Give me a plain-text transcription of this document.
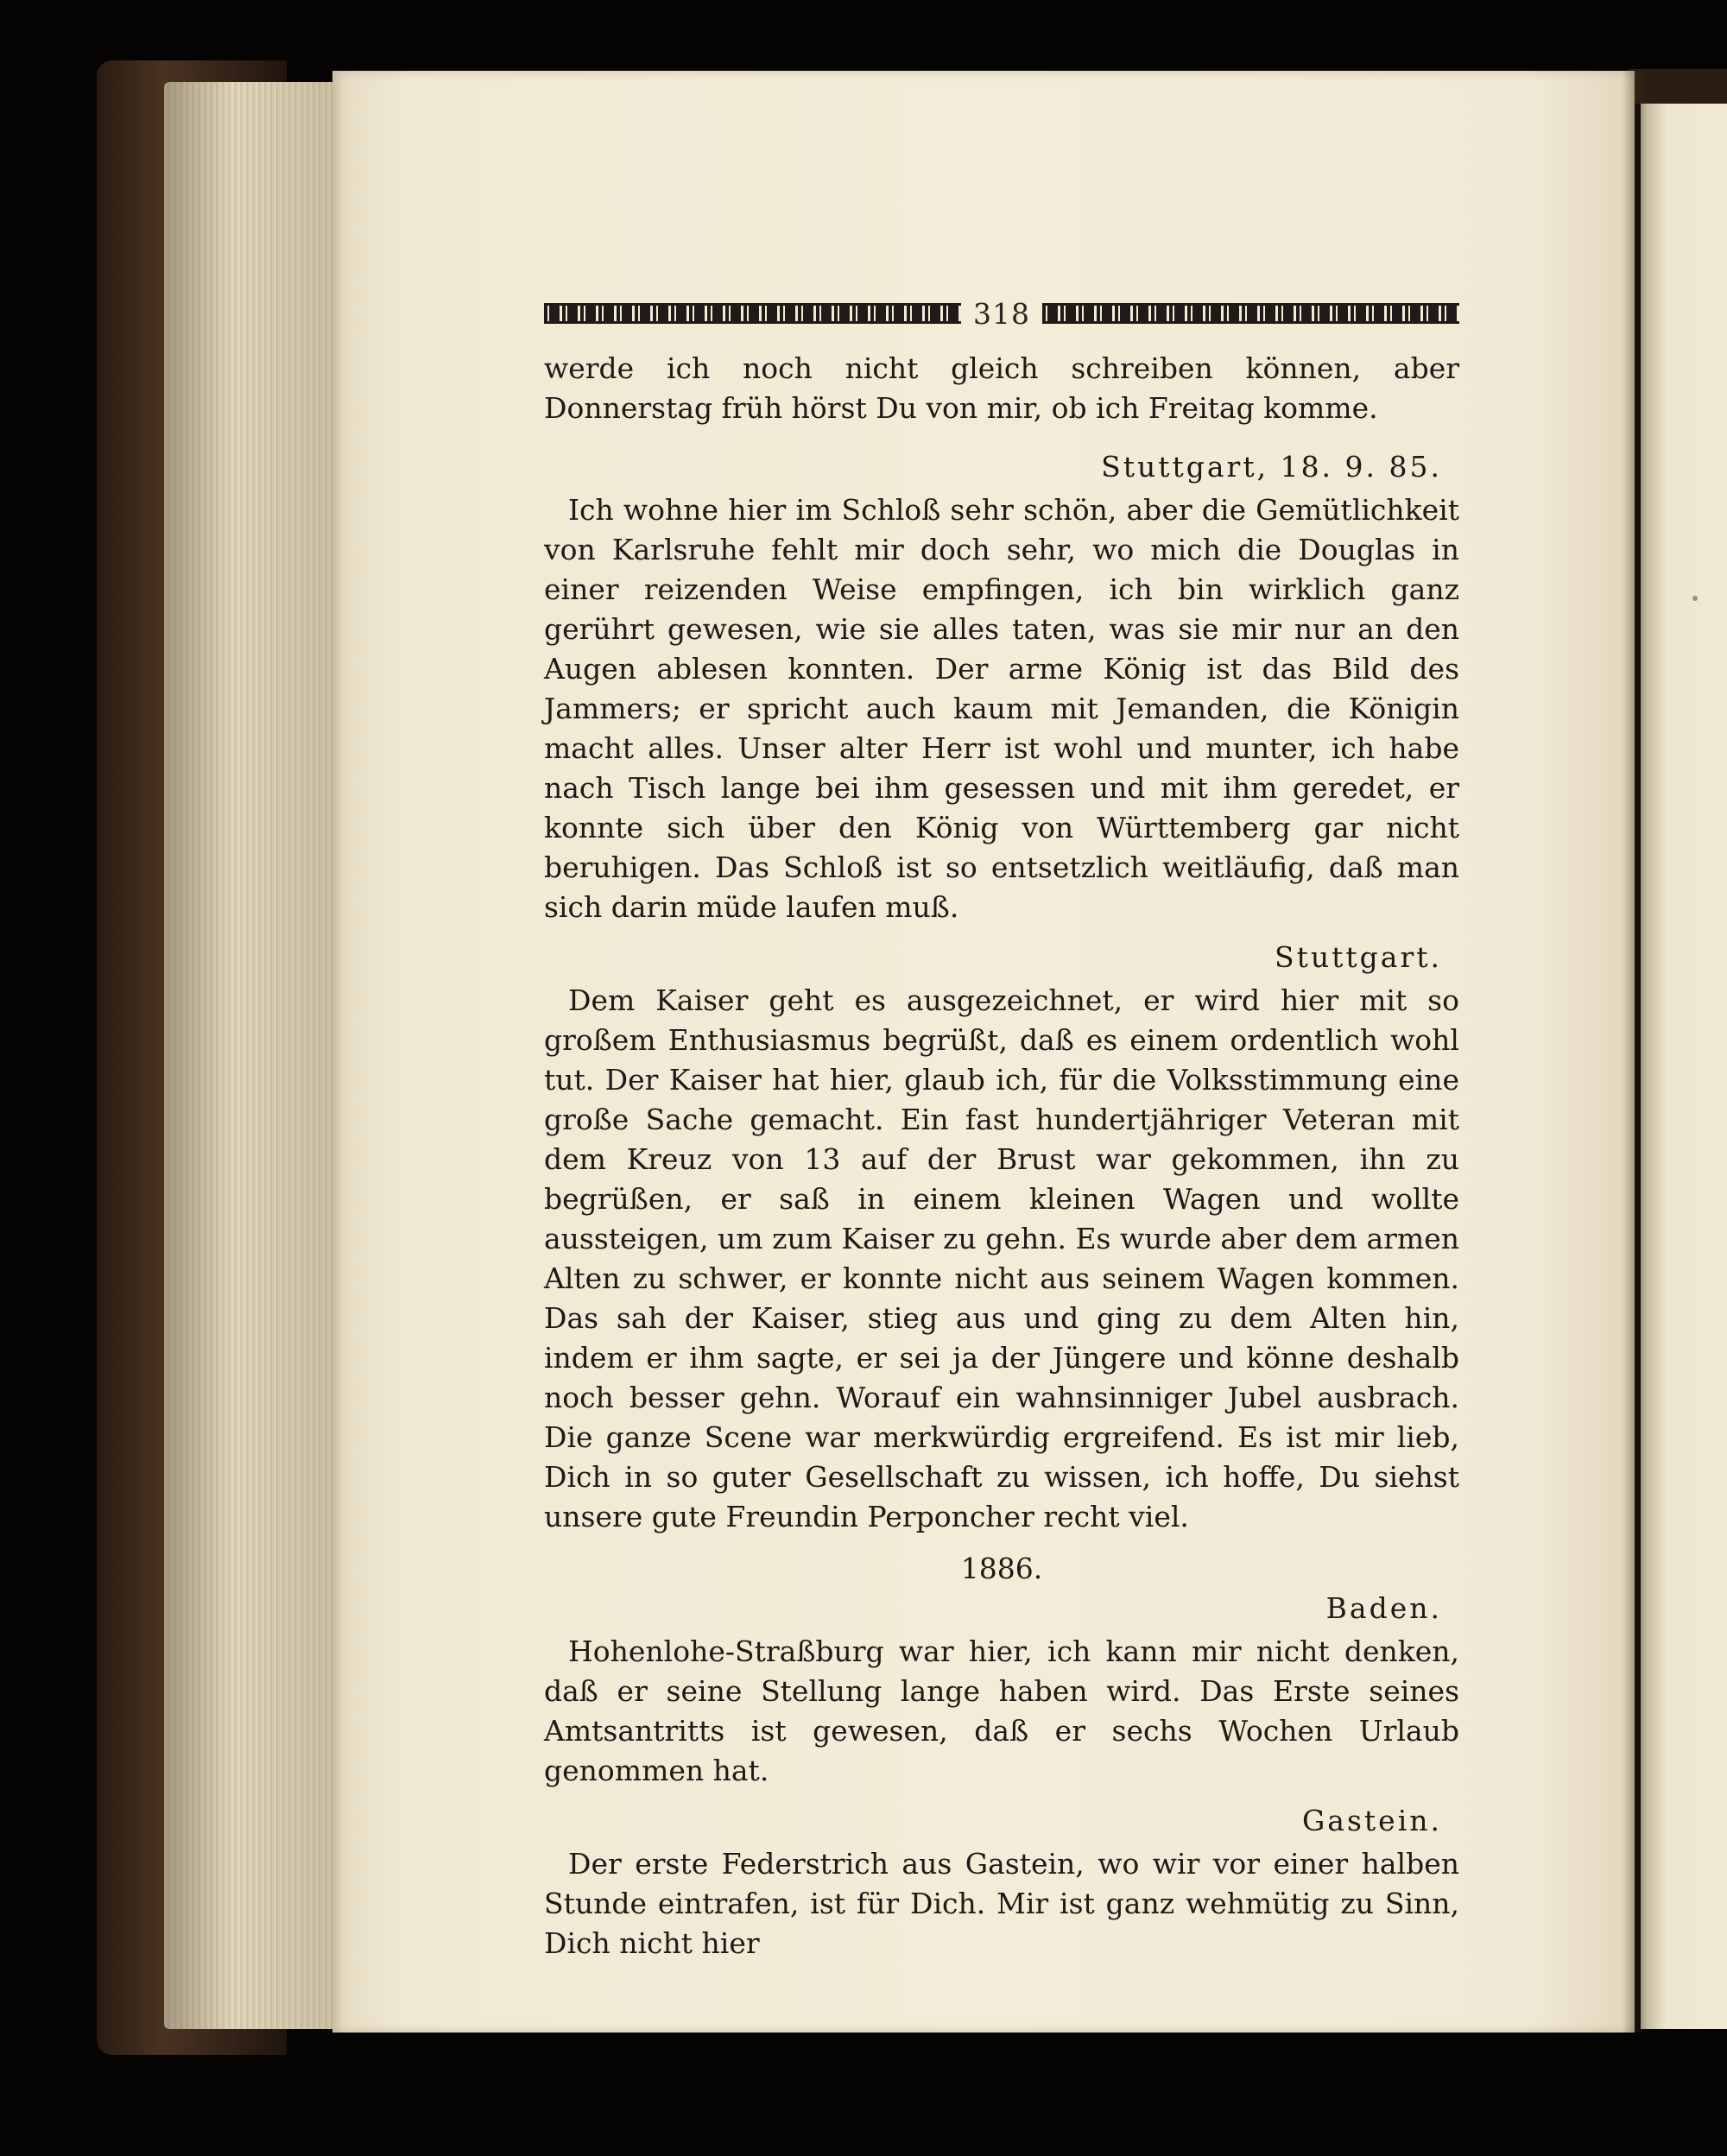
318

werde ich noch nicht gleich schreiben können, aber Donnerstag früh hörst Du von mir, ob ich Freitag komme.

Stuttgart, 18. 9. 85.

Ich wohne hier im Schloß sehr schön, aber die Gemütlichkeit von Karlsruhe fehlt mir doch sehr, wo mich die Douglas in einer reizenden Weise empfingen, ich bin wirklich ganz gerührt gewesen, wie sie alles taten, was sie mir nur an den Augen ablesen konnten. Der arme König ist das Bild des Jammers; er spricht auch kaum mit Jemanden, die Königin macht alles. Unser alter Herr ist wohl und munter, ich habe nach Tisch lange bei ihm gesessen und mit ihm geredet, er konnte sich über den König von Württemberg gar nicht beruhigen. Das Schloß ist so entsetzlich weitläufig, daß man sich darin müde laufen muß.

Stuttgart.

Dem Kaiser geht es ausgezeichnet, er wird hier mit so großem Enthusiasmus begrüßt, daß es einem ordentlich wohl tut. Der Kaiser hat hier, glaub ich, für die Volksstimmung eine große Sache gemacht. Ein fast hundertjähriger Veteran mit dem Kreuz von 13 auf der Brust war gekommen, ihn zu begrüßen, er saß in einem kleinen Wagen und wollte aussteigen, um zum Kaiser zu gehn. Es wurde aber dem armen Alten zu schwer, er konnte nicht aus seinem Wagen kommen. Das sah der Kaiser, stieg aus und ging zu dem Alten hin, indem er ihm sagte, er sei ja der Jüngere und könne deshalb noch besser gehn. Worauf ein wahnsinniger Jubel ausbrach. Die ganze Scene war merkwürdig ergreifend. Es ist mir lieb, Dich in so guter Gesellschaft zu wissen, ich hoffe, Du siehst unsere gute Freundin Perponcher recht viel.

1886.

Baden.

Hohenlohe-Straßburg war hier, ich kann mir nicht denken, daß er seine Stellung lange haben wird. Das Erste seines Amtsantritts ist gewesen, daß er sechs Wochen Urlaub genommen hat.

Gastein.

Der erste Federstrich aus Gastein, wo wir vor einer halben Stunde eintrafen, ist für Dich. Mir ist ganz wehmütig zu Sinn, Dich nicht hier
